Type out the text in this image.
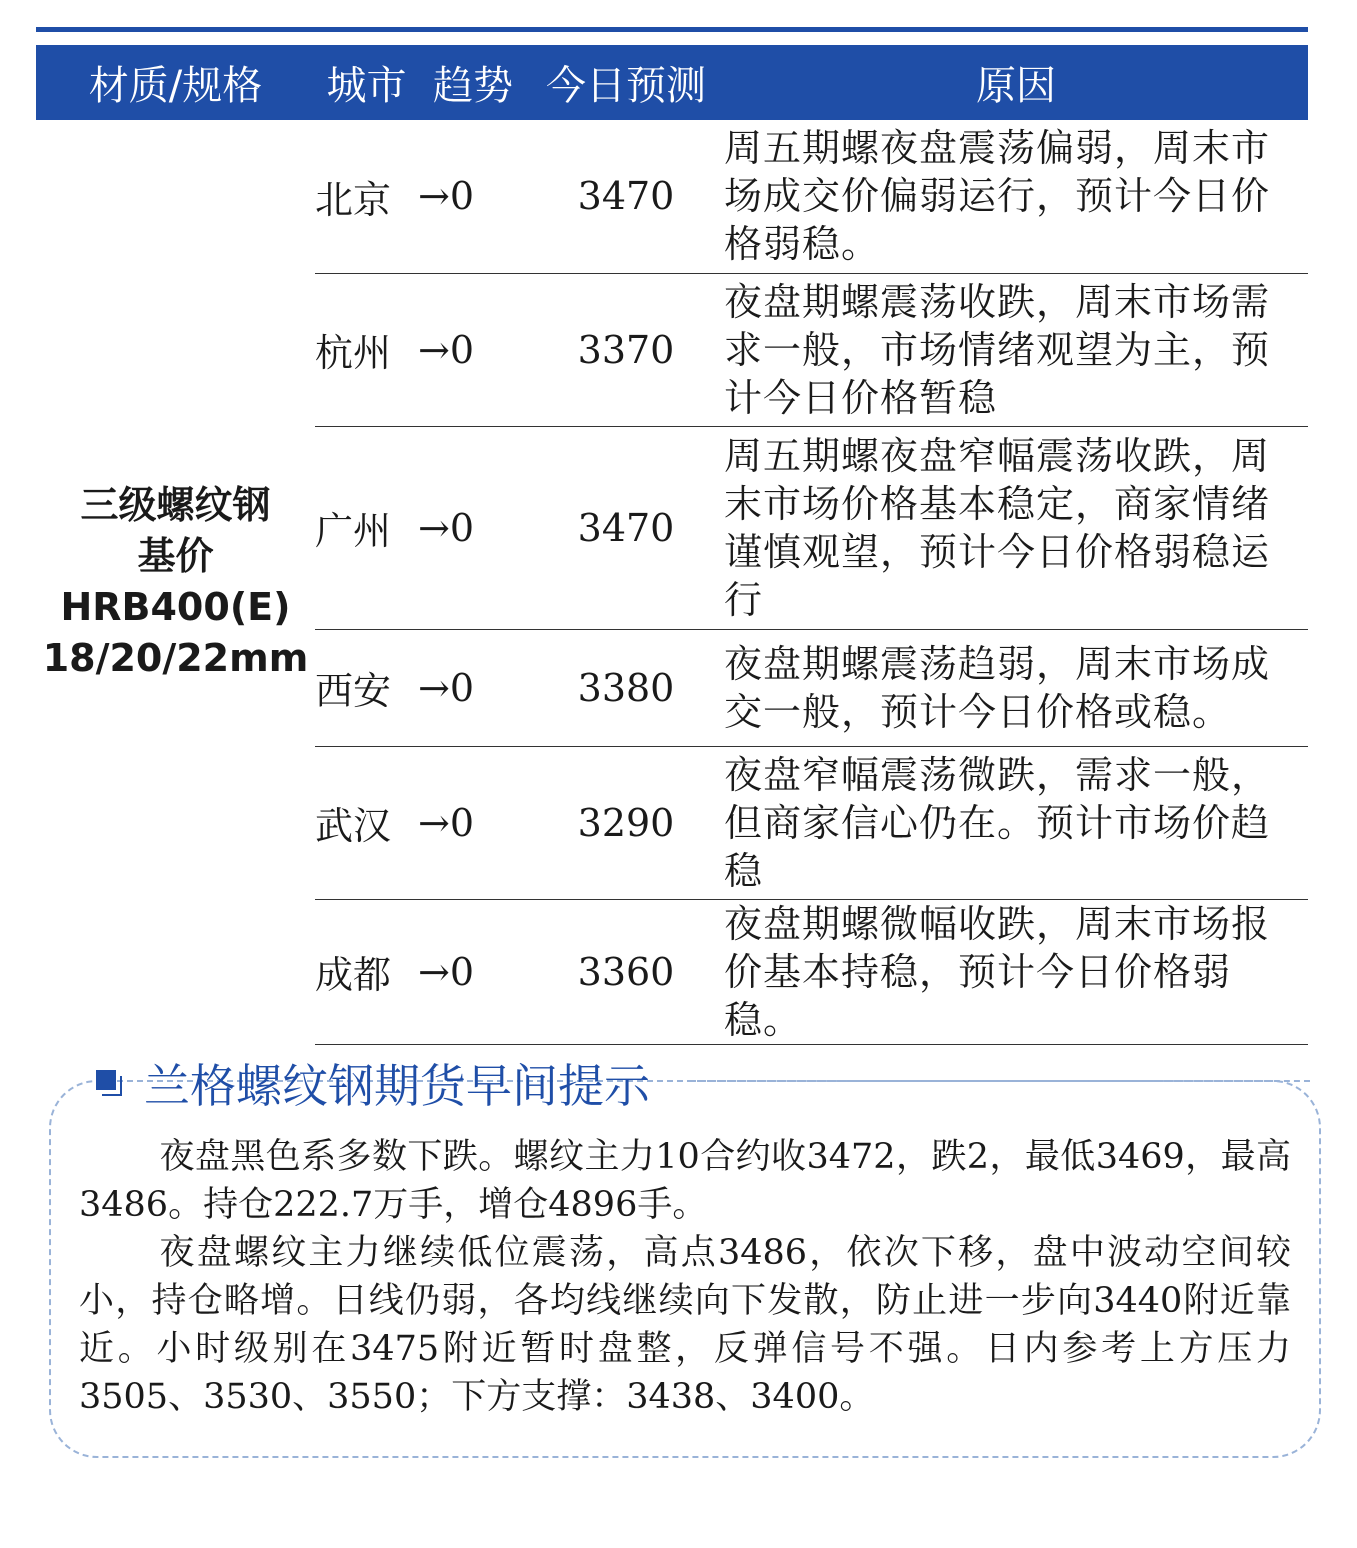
材质/规格	城市	趋势	今日预测	原因

三级螺纹钢
基价
HRB400(E)
18/20/22mm	北京	→0	3470	周五期螺夜盘震荡偏弱，周末市场成交价偏弱运行，预计今日价格弱稳。
	杭州	→0	3370	夜盘期螺震荡收跌，周末市场需求一般，市场情绪观望为主，预计今日价格暂稳
	广州	→0	3470	周五期螺夜盘窄幅震荡收跌，周末市场价格基本稳定，商家情绪谨慎观望，预计今日价格弱稳运行
	西安	→0	3380	夜盘期螺震荡趋弱，周末市场成交一般，预计今日价格或稳。
	武汉	→0	3290	夜盘窄幅震荡微跌，需求一般，但商家信心仍在。预计市场价趋稳
	成都	→0	3360	夜盘期螺微幅收跌，周末市场报价基本持稳，预计今日价格弱稳。
兰格螺纹钢期货早间提示

夜盘黑色系多数下跌。螺纹主力10合约收3472，跌2，最低3469，最高3486。持仓222.7万手，增仓4896手。

夜盘螺纹主力继续低位震荡，高点3486，依次下移，盘中波动空间较小，持仓略增。日线仍弱，各均线继续向下发散，防止进一步向3440附近靠近。小时级别在3475附近暂时盘整，反弹信号不强。日内参考上方压力3505、3530、3550；下方支撑：3438、3400。
